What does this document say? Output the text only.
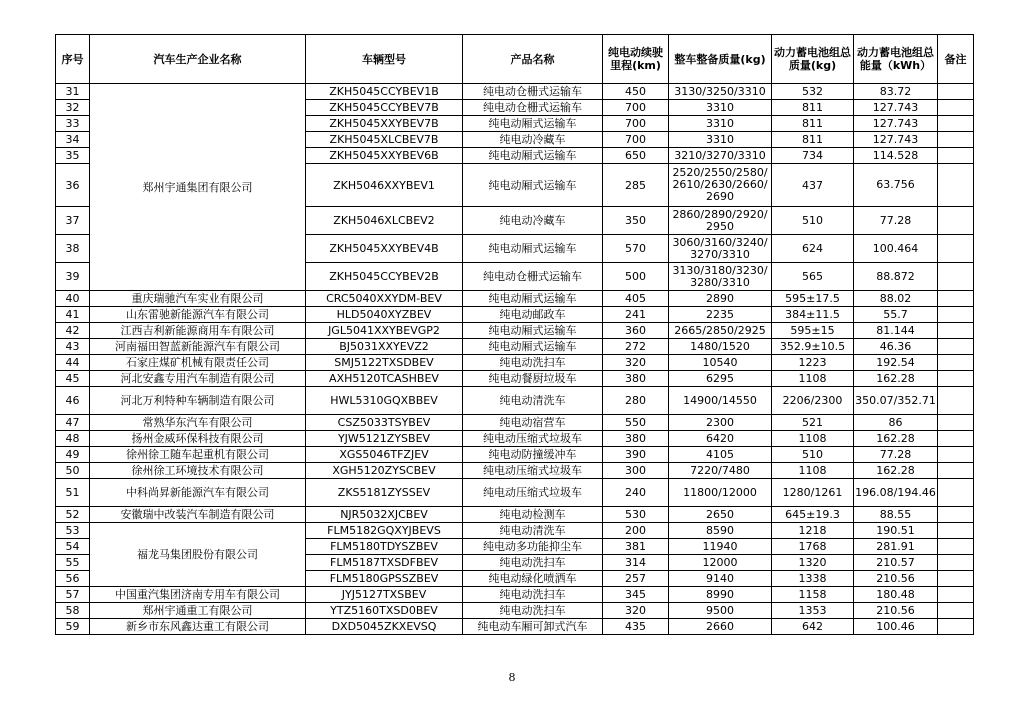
序号	汽车生产企业名称	车辆型号	产品名称	纯电动续驶里程(km)	整车整备质量(kg)	动力蓄电池组总质量(kg)	动力蓄电池组总能量（kWh）	备注
31	郑州宇通集团有限公司	ZKH5045CCYBEV1B	纯电动仓栅式运输车	450	3130/3250/3310	532	83.72	
32		ZKH5045CCYBEV7B	纯电动仓栅式运输车	700	3310	811	127.743	
33		ZKH5045XXYBEV7B	纯电动厢式运输车	700	3310	811	127.743	
34		ZKH5045XLCBEV7B	纯电动冷藏车	700	3310	811	127.743	
35		ZKH5045XXYBEV6B	纯电动厢式运输车	650	3210/3270/3310	734	114.528	
36		ZKH5046XXYBEV1	纯电动厢式运输车	285	2520/2550/2580/2610/2630/2660/2690	437	63.756	
37		ZKH5046XLCBEV2	纯电动冷藏车	350	2860/2890/2920/2950	510	77.28	
38		ZKH5045XXYBEV4B	纯电动厢式运输车	570	3060/3160/3240/3270/3310	624	100.464	
39		ZKH5045CCYBEV2B	纯电动仓栅式运输车	500	3130/3180/3230/3280/3310	565	88.872	
40	重庆瑞驰汽车实业有限公司	CRC5040XXYDM-BEV	纯电动厢式运输车	405	2890	595±17.5	88.02	
41	山东雷驰新能源汽车有限公司	HLD5040XYZBEV	纯电动邮政车	241	2235	384±11.5	55.7	
42	江西吉利新能源商用车有限公司	JGL5041XXYBEVGP2	纯电动厢式运输车	360	2665/2850/2925	595±15	81.144	
43	河南福田智蓝新能源汽车有限公司	BJ5031XXYEVZ2	纯电动厢式运输车	272	1480/1520	352.9±10.5	46.36	
44	石家庄煤矿机械有限责任公司	SMJ5122TXSDBEV	纯电动洗扫车	320	10540	1223	192.54	
45	河北安鑫专用汽车制造有限公司	AXH5120TCASHBEV	纯电动餐厨垃圾车	380	6295	1108	162.28	
46	河北万利特种车辆制造有限公司	HWL5310GQXBBEV	纯电动清洗车	280	14900/14550	2206/2300	350.07/352.71	
47	常熟华东汽车有限公司	CSZ5033TSYBEV	纯电动宿营车	550	2300	521	86	
48	扬州金威环保科技有限公司	YJW5121ZYSBEV	纯电动压缩式垃圾车	380	6420	1108	162.28	
49	徐州徐工随车起重机有限公司	XGS5046TFZJEV	纯电动防撞缓冲车	390	4105	510	77.28	
50	徐州徐工环境技术有限公司	XGH5120ZYSCBEV	纯电动压缩式垃圾车	300	7220/7480	1108	162.28	
51	中科尚昇新能源汽车有限公司	ZKS5181ZYSSEV	纯电动压缩式垃圾车	240	11800/12000	1280/1261	196.08/194.46	
52	安徽瑞中改装汽车制造有限公司	NJR5032XJCBEV	纯电动检测车	530	2650	645±19.3	88.55	
53	福龙马集团股份有限公司	FLM5182GQXYJBEVS	纯电动清洗车	200	8590	1218	190.51	
54		FLM5180TDYSZBEV	纯电动多功能抑尘车	381	11940	1768	281.91	
55		FLM5187TXSDFBEV	纯电动洗扫车	314	12000	1320	210.57	
56		FLM5180GPSSZBEV	纯电动绿化喷洒车	257	9140	1338	210.56	
57	中国重汽集团济南专用车有限公司	JYJ5127TXSBEV	纯电动洗扫车	345	8990	1158	180.48	
58	郑州宇通重工有限公司	YTZ5160TXSD0BEV	纯电动洗扫车	320	9500	1353	210.56	
59	新乡市东风鑫达重工有限公司	DXD5045ZKXEVSQ	纯电动车厢可卸式汽车	435	2660	642	100.46	
8
